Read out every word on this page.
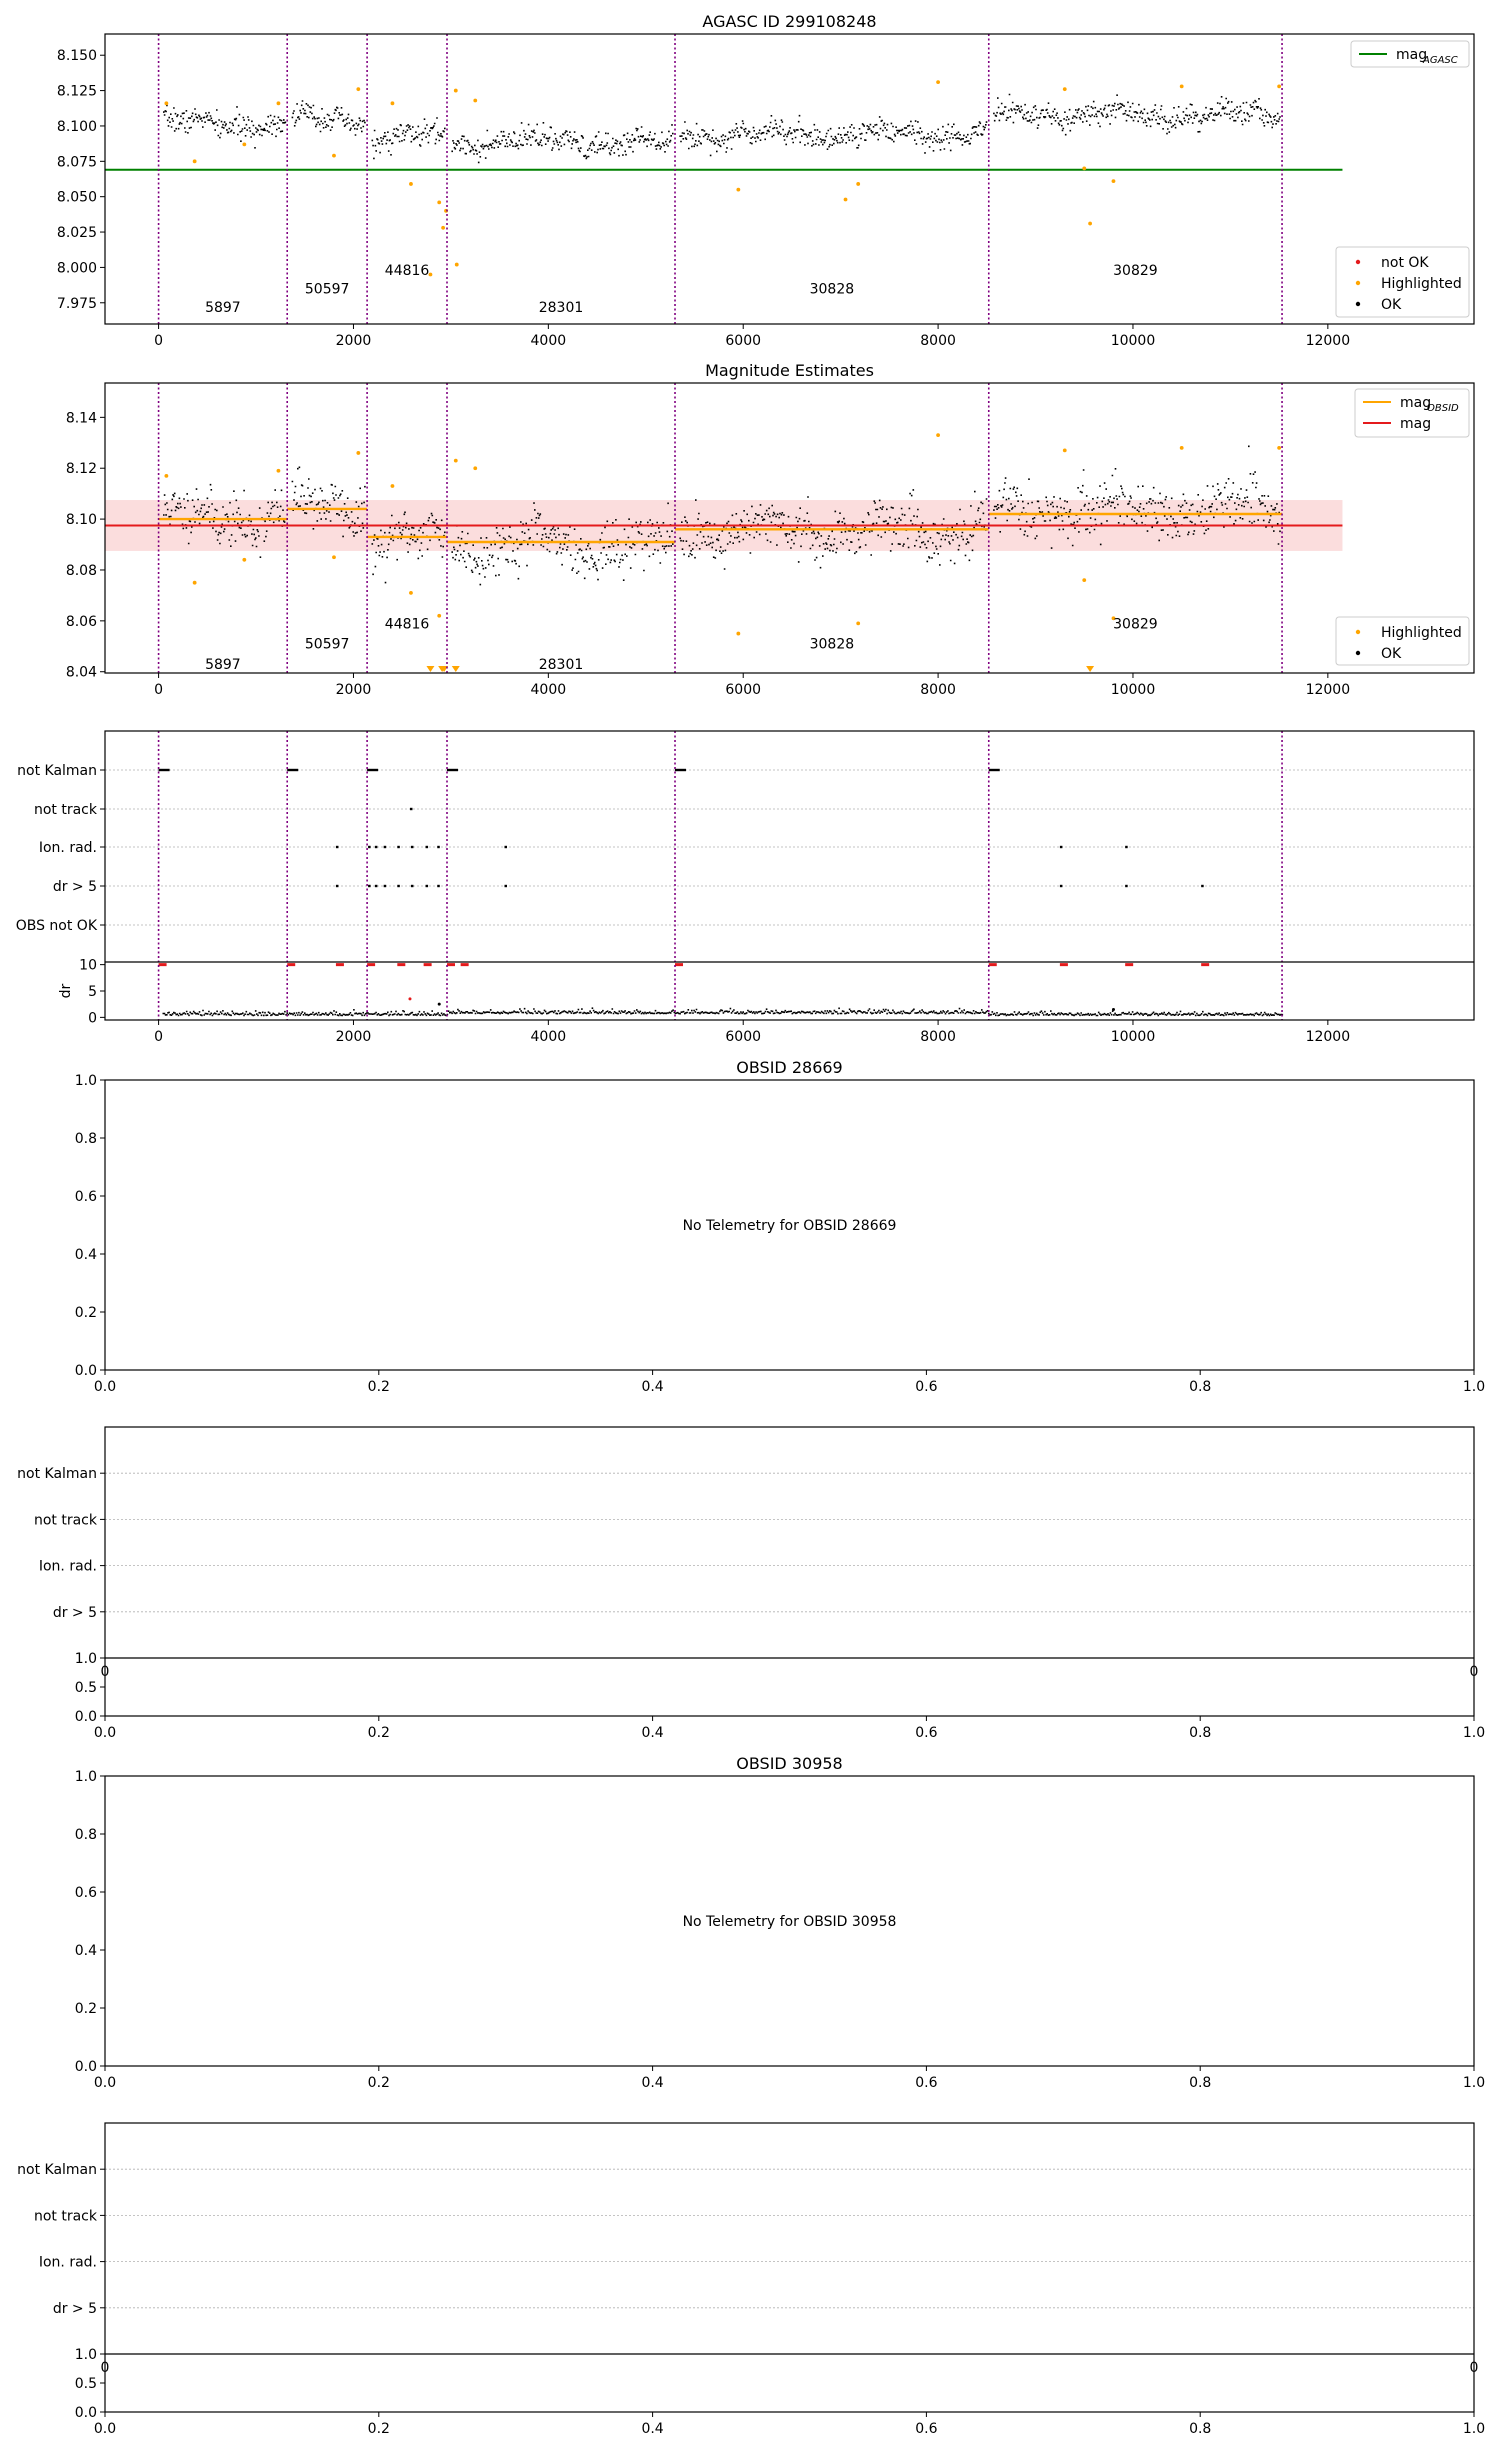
AGASC ID 299108248
5897
50597
44816
28301
30828
30829
0	2000	4000	6000	8000	10000	12000
7.975
8.000
8.025
8.050
8.075
8.100
8.125
8.150	mag
AGASC
not OK
Highlighted
OK
Magnitude Estimates
5897
50597
44816
28301
30828
30829
0	2000	4000	6000	8000	10000	12000
8.04
8.06
8.08
8.10
8.12
8.14
mag
OBSID
mag
Highlighted
OK
not Kalman
not track
Ion. rad.
dr > 5
OBS not OK
0
5
10
dr
0	2000	4000	6000	8000	10000	12000
OBSID 28669
No Telemetry for OBSID 28669
0.0	0.2	0.4	0.6	0.8	1.0
0.0
0.2
0.4
0.6
0.8
1.0
not Kalman
not track
Ion. rad.
dr > 5
1.0
0	0
0.0
0.5
0.0	0.2	0.4	0.6	0.8	1.0
OBSID 30958
No Telemetry for OBSID 30958
0.0	0.2	0.4	0.6	0.8	1.0
0.0
0.2
0.4
0.6
0.8
1.0
not Kalman
not track
Ion. rad.
dr > 5
1.0
0	0
0.0
0.5
0.0	0.2	0.4	0.6	0.8	1.0
